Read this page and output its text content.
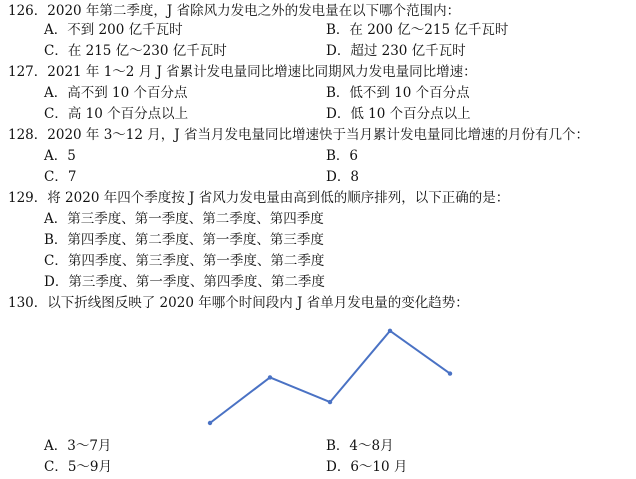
126．2020 年第二季度，J 省除风力发电之外的发电量在以下哪个范围内：
A．不到 200 亿千瓦时	B．在 200 亿～215 亿千瓦时
C．在 215 亿～230 亿千瓦时	D．超过 230 亿千瓦时
127．2021 年 1～2 月 J 省累计发电量同比增速比同期风力发电量同比增速：
A．高不到 10 个百分点	B．低不到 10 个百分点
C．高 10 个百分点以上	D．低 10 个百分点以上
128．2020 年 3～12 月，J 省当月发电量同比增速快于当月累计发电量同比增速的月份有几个：
A．5	B．6
C．7	D．8
129．将 2020 年四个季度按 J 省风力发电量由高到低的顺序排列，以下正确的是：
A．第三季度、第一季度、第二季度、第四季度
B．第四季度、第二季度、第一季度、第三季度
C．第四季度、第三季度、第一季度、第二季度
D．第三季度、第一季度、第四季度、第二季度
130．以下折线图反映了 2020 年哪个时间段内 J 省单月发电量的变化趋势：
A．3～7月	B．4～8月
C．5～9月	D．6～10 月
